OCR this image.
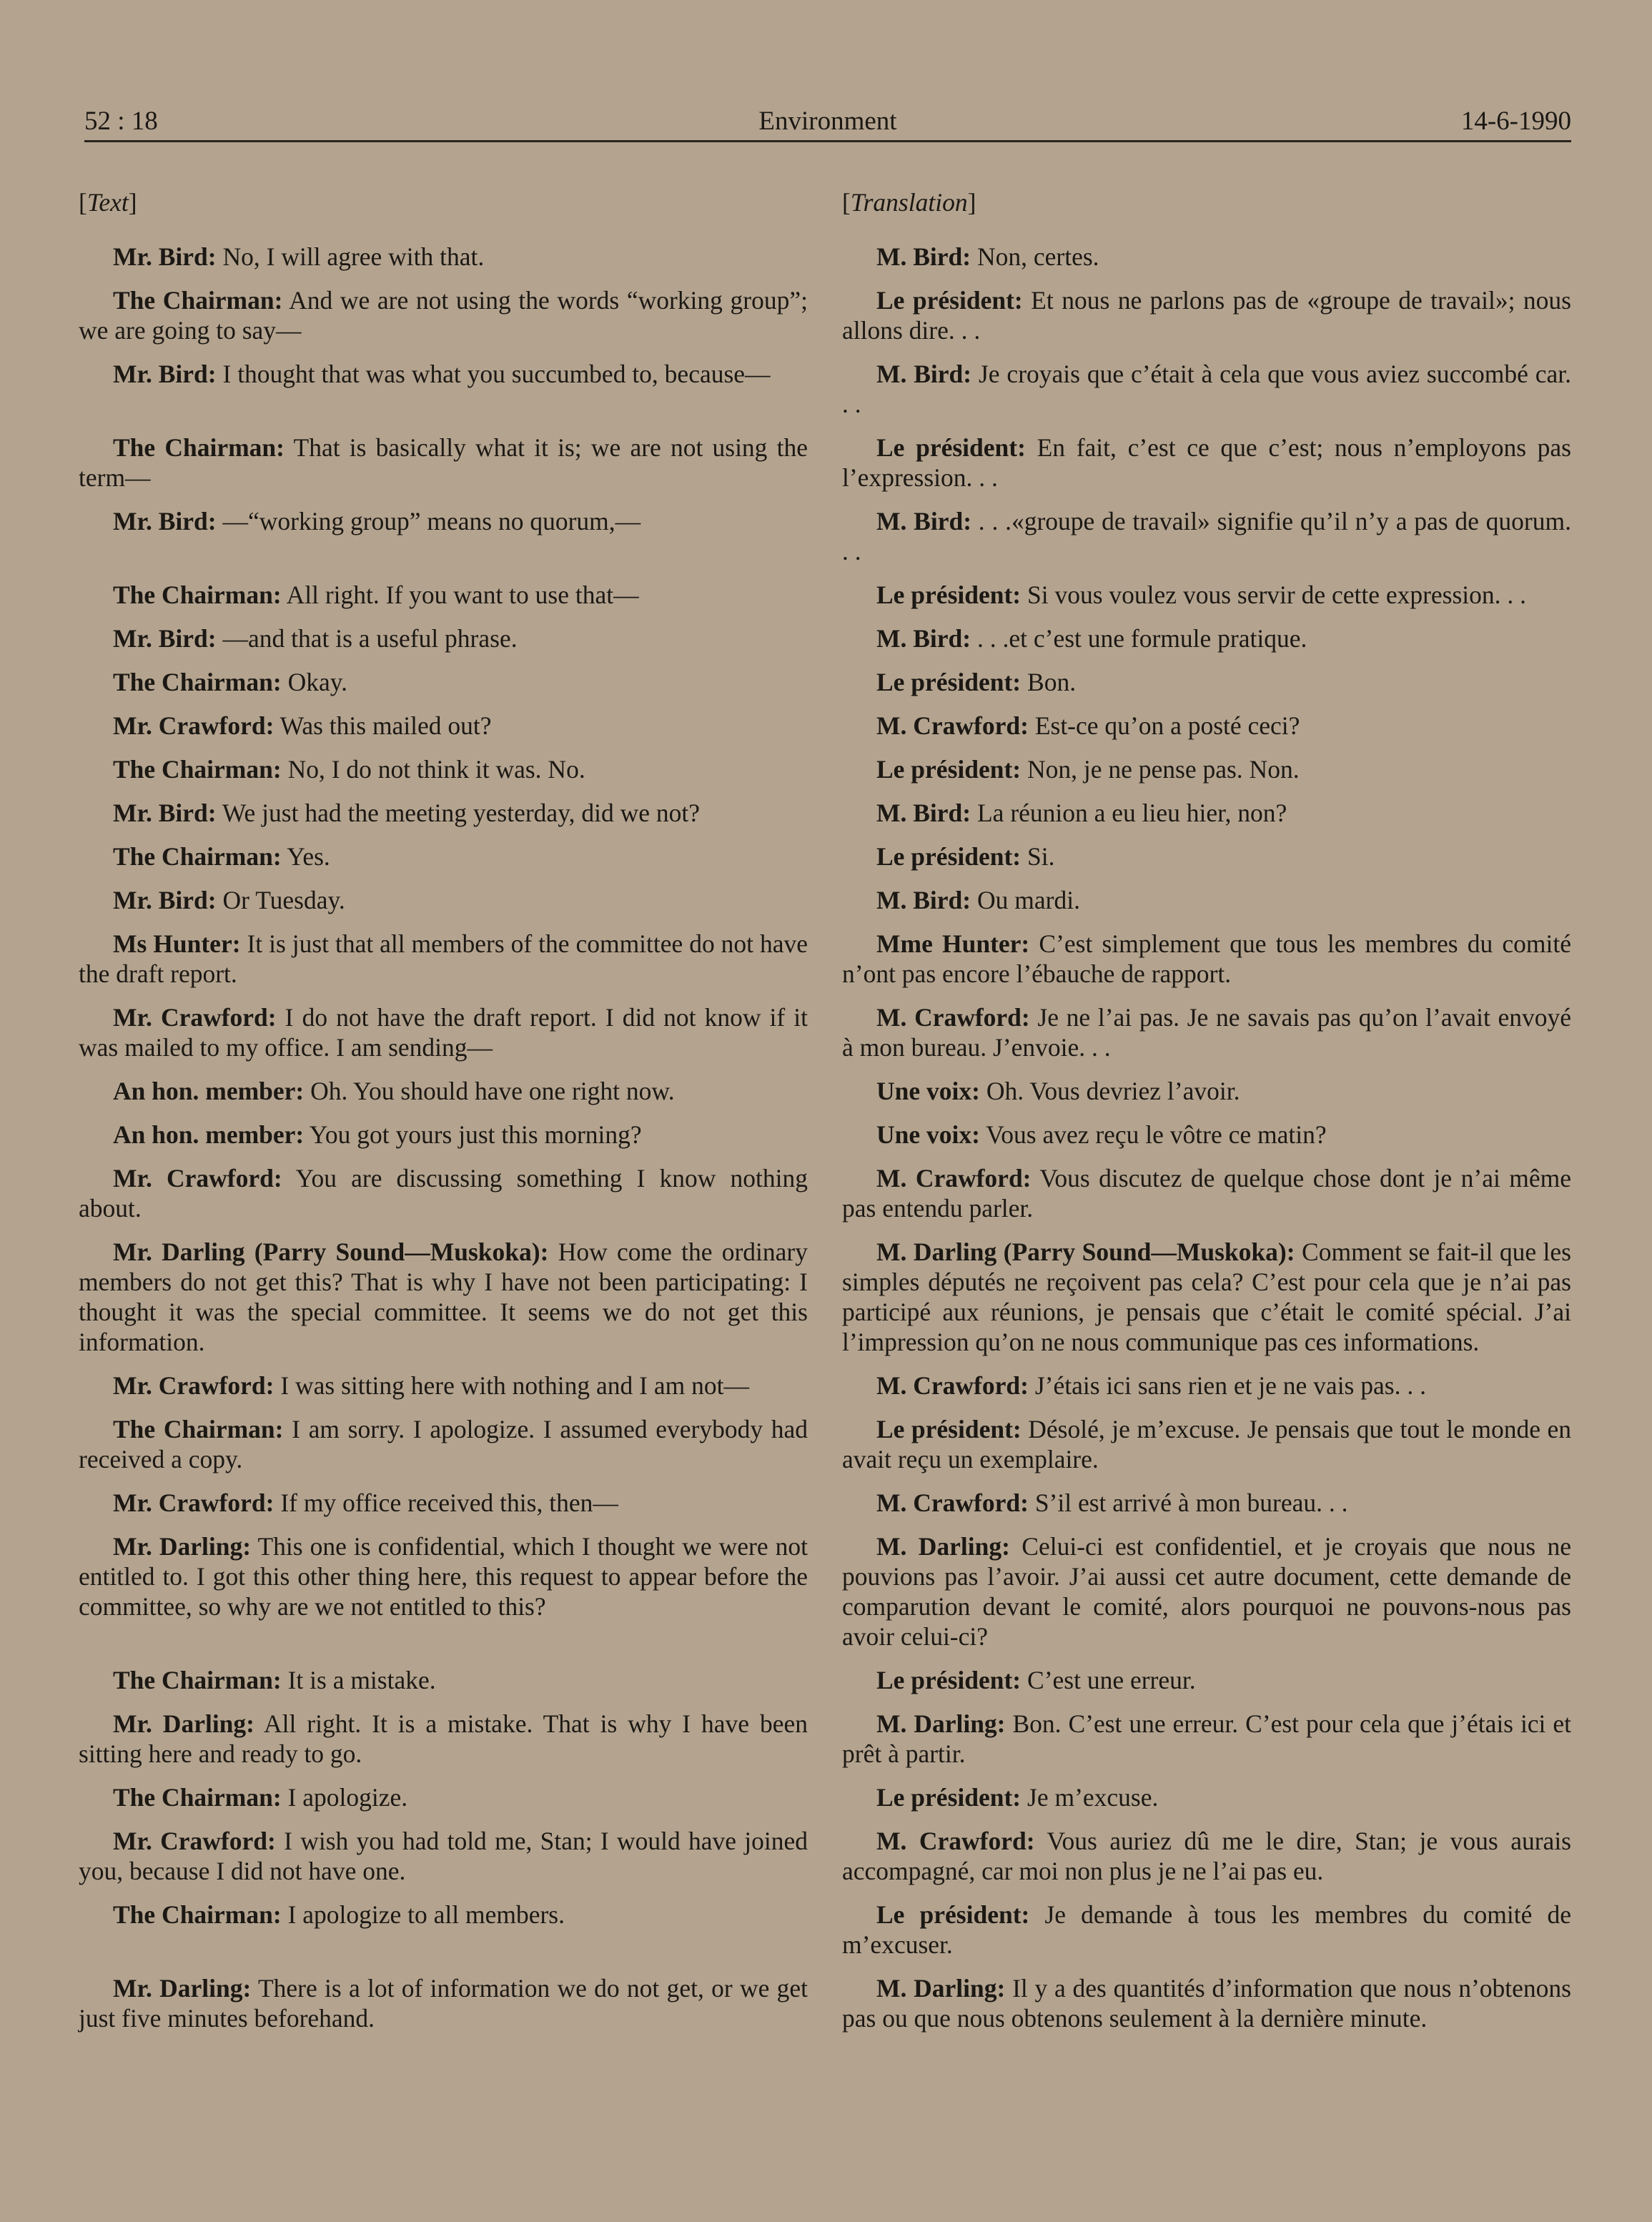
52 : 18	Environment	14-6-1990
[Text]
Mr. Bird: No, I will agree with that.
The Chairman: And we are not using the words “working group”; we are going to say—
Mr. Bird: I thought that was what you succumbed to, because—
The Chairman: That is basically what it is; we are not using the term—
Mr. Bird: —“working group” means no quorum,—
The Chairman: All right. If you want to use that—
Mr. Bird: —and that is a useful phrase.
The Chairman: Okay.
Mr. Crawford: Was this mailed out?
The Chairman: No, I do not think it was. No.
Mr. Bird: We just had the meeting yesterday, did we not?
The Chairman: Yes.
Mr. Bird: Or Tuesday.
Ms Hunter: It is just that all members of the committee do not have the draft report.
Mr. Crawford: I do not have the draft report. I did not know if it was mailed to my office. I am sending—
An hon. member: Oh. You should have one right now.
An hon. member: You got yours just this morning?
Mr. Crawford: You are discussing something I know nothing about.
Mr. Darling (Parry Sound—Muskoka): How come the ordinary members do not get this? That is why I have not been participating: I thought it was the special committee. It seems we do not get this information.
Mr. Crawford: I was sitting here with nothing and I am not—
The Chairman: I am sorry. I apologize. I assumed everybody had received a copy.
Mr. Crawford: If my office received this, then—
Mr. Darling: This one is confidential, which I thought we were not entitled to. I got this other thing here, this request to appear before the committee, so why are we not entitled to this?
The Chairman: It is a mistake.
Mr. Darling: All right. It is a mistake. That is why I have been sitting here and ready to go.
The Chairman: I apologize.
Mr. Crawford: I wish you had told me, Stan; I would have joined you, because I did not have one.
The Chairman: I apologize to all members.
Mr. Darling: There is a lot of information we do not get, or we get just five minutes beforehand.
[Translation]
M. Bird: Non, certes.
Le président: Et nous ne parlons pas de «groupe de travail»; nous allons dire. . .
M. Bird: Je croyais que c’était à cela que vous aviez succombé car. . .
Le président: En fait, c’est ce que c’est; nous n’employons pas l’expression. . .
M. Bird: . . .«groupe de travail» signifie qu’il n’y a pas de quorum. . .
Le président: Si vous voulez vous servir de cette expression. . .
M. Bird: . . .et c’est une formule pratique.
Le président: Bon.
M. Crawford: Est-ce qu’on a posté ceci?
Le président: Non, je ne pense pas. Non.
M. Bird: La réunion a eu lieu hier, non?
Le président: Si.
M. Bird: Ou mardi.
Mme Hunter: C’est simplement que tous les membres du comité n’ont pas encore l’ébauche de rapport.
M. Crawford: Je ne l’ai pas. Je ne savais pas qu’on l’avait envoyé à mon bureau. J’envoie. . .
Une voix: Oh. Vous devriez l’avoir.
Une voix: Vous avez reçu le vôtre ce matin?
M. Crawford: Vous discutez de quelque chose dont je n’ai même pas entendu parler.
M. Darling (Parry Sound—Muskoka): Comment se fait-il que les simples députés ne reçoivent pas cela? C’est pour cela que je n’ai pas participé aux réunions, je pensais que c’était le comité spécial. J’ai l’impression qu’on ne nous communique pas ces informations.
M. Crawford: J’étais ici sans rien et je ne vais pas. . .
Le président: Désolé, je m’excuse. Je pensais que tout le monde en avait reçu un exemplaire.
M. Crawford: S’il est arrivé à mon bureau. . .
M. Darling: Celui-ci est confidentiel, et je croyais que nous ne pouvions pas l’avoir. J’ai aussi cet autre document, cette demande de comparution devant le comité, alors pourquoi ne pouvons-nous pas avoir celui-ci?
Le président: C’est une erreur.
M. Darling: Bon. C’est une erreur. C’est pour cela que j’étais ici et prêt à partir.
Le président: Je m’excuse.
M. Crawford: Vous auriez dû me le dire, Stan; je vous aurais accompagné, car moi non plus je ne l’ai pas eu.
Le président: Je demande à tous les membres du comité de m’excuser.
M. Darling: Il y a des quantités d’information que nous n’obtenons pas ou que nous obtenons seulement à la dernière minute.
